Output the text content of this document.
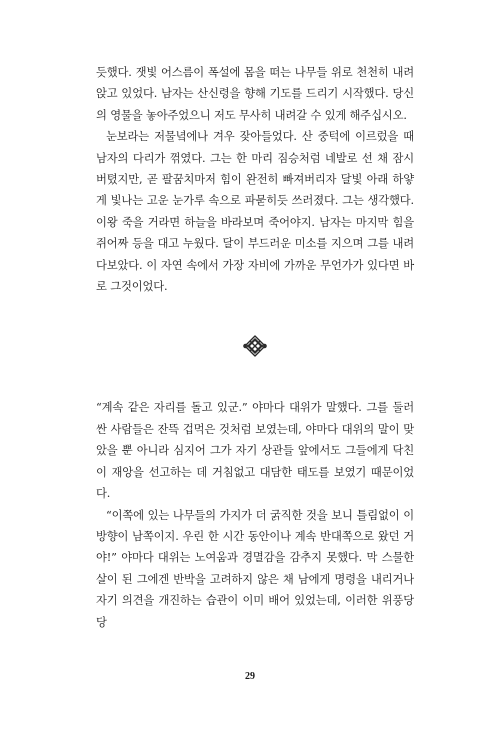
듯했다. 잿빛 어스름이 폭설에 몸을 떠는 나무들 위로 천천히 내려앉고 있었다. 남자는 산신령을 향해 기도를 드리기 시작했다. 당신의 영물을 놓아주었으니 저도 무사히 내려갈 수 있게 해주십시오.

눈보라는 저물녘에나 겨우 잦아들었다. 산 중턱에 이르렀을 때 남자의 다리가 꺾였다. 그는 한 마리 짐승처럼 네발로 선 채 잠시 버텼지만, 곧 팔꿈치마저 힘이 완전히 빠져버리자 달빛 아래 하얗게 빛나는 고운 눈가루 속으로 파묻히듯 쓰러졌다. 그는 생각했다. 이왕 죽을 거라면 하늘을 바라보며 죽어야지. 남자는 마지막 힘을 쥐어짜 등을 대고 누웠다. 달이 부드러운 미소를 지으며 그를 내려다보았다. 이 자연 속에서 가장 자비에 가까운 무언가가 있다면 바로 그것이었다.

“계속 같은 자리를 돌고 있군.” 야마다 대위가 말했다. 그를 둘러싼 사람들은 잔뜩 겁먹은 것처럼 보였는데, 야마다 대위의 말이 맞았을 뿐 아니라 심지어 그가 자기 상관들 앞에서도 그들에게 닥친 이 재앙을 선고하는 데 거침없고 대담한 태도를 보였기 때문이었다.

“이쪽에 있는 나무들의 가지가 더 굵직한 것을 보니 틀림없이 이 방향이 남쪽이지. 우린 한 시간 동안이나 계속 반대쪽으로 왔던 거야!” 야마다 대위는 노여움과 경멸감을 감추지 못했다. 막 스물한 살이 된 그에겐 반박을 고려하지 않은 채 남에게 명령을 내리거나 자기 의견을 개진하는 습관이 이미 배어 있었는데, 이러한 위풍당당

29
